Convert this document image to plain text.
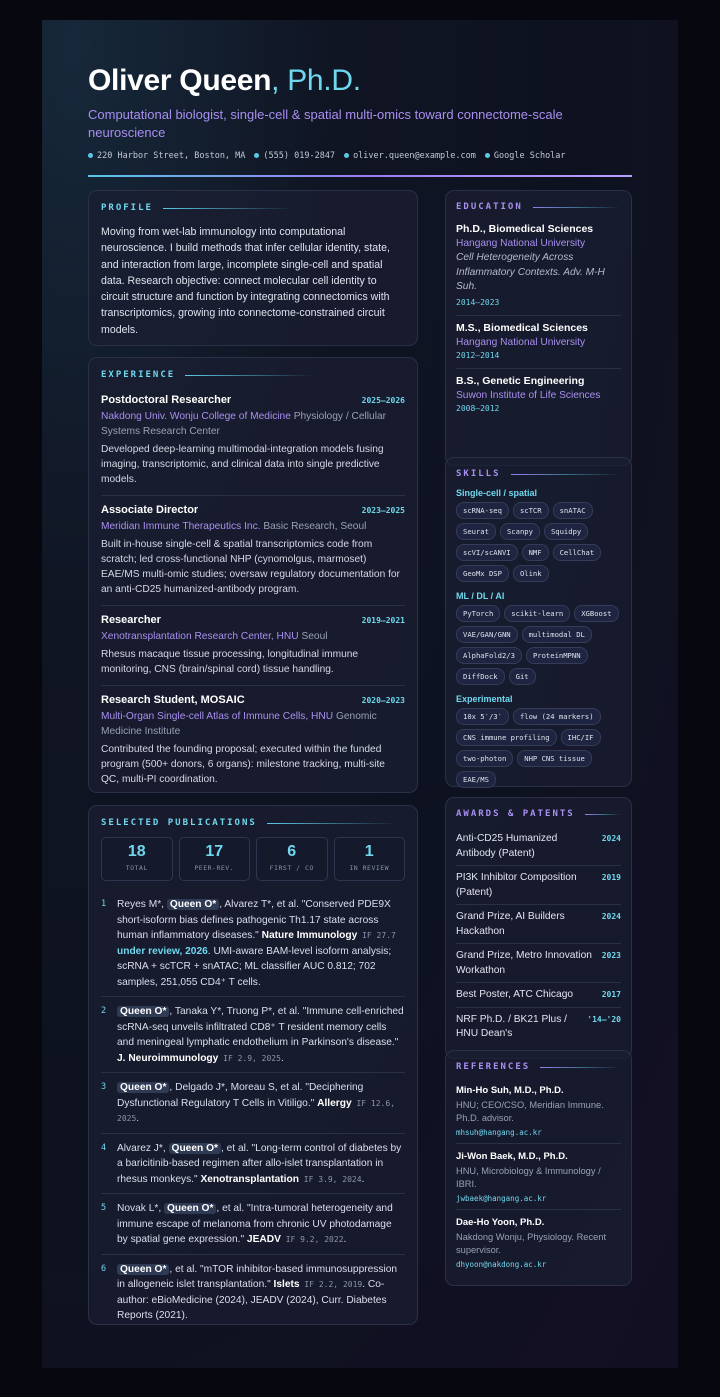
Oliver Queen, Ph.D.
Computational biologist, single-cell & spatial multi-omics toward connectome-scale neuroscience
220 Harbor Street, Boston, MA	(555) 019-2847	oliver.queen@example.com	Google Scholar
PROFILE
Moving from wet-lab immunology into computational neuroscience. I build methods that infer cellular identity, state, and interaction from large, incomplete single-cell and spatial data. Research objective: connect molecular cell identity to circuit structure and function by integrating connectomics with transcriptomics, growing into connectome-constrained circuit models.
EXPERIENCE
Postdoctoral Researcher	2025–2026
Nakdong Univ. Wonju College of Medicine Physiology / Cellular Systems Research Center
Developed deep-learning multimodal-integration models fusing imaging, transcriptomic, and clinical data into single predictive models.
Associate Director	2023–2025
Meridian Immune Therapeutics Inc. Basic Research, Seoul
Built in-house single-cell & spatial transcriptomics code from scratch; led cross-functional NHP (cynomolgus, marmoset) EAE/MS multi-omic studies; oversaw regulatory documentation for an anti-CD25 humanized-antibody program.
Researcher	2019–2021
Xenotransplantation Research Center, HNU Seoul
Rhesus macaque tissue processing, longitudinal immune monitoring, CNS (brain/spinal cord) tissue handling.
Research Student, MOSAIC	2020–2023
Multi-Organ Single-cell Atlas of Immune Cells, HNU Genomic Medicine Institute
Contributed the founding proposal; executed within the funded program (500+ donors, 6 organs): milestone tracking, multi-site QC, multi-PI coordination.
SELECTED PUBLICATIONS
18
TOTAL
17
PEER-REV.
6
FIRST / CO
1
IN REVIEW
1 Reyes M*, Queen O* , Alvarez T*, et al. "Conserved PDE9X short-isoform bias defines pathogenic Th1.17 state across human inflammatory diseases." Nature Immunology IF 27.7 under review, 2026. UMI-aware BAM-level isoform analysis; scRNA + scTCR + snATAC; ML classifier AUC 0.812; 702 samples, 251,055 CD4⁺ T cells.
2 Queen O* , Tanaka Y*, Truong P*, et al. "Immune cell-enriched scRNA-seq unveils infiltrated CD8⁺ T resident memory cells and meningeal lymphatic endothelium in Parkinson's disease." J. Neuroimmunology IF 2.9, 2025.
3 Queen O* , Delgado J*, Moreau S, et al. "Deciphering Dysfunctional Regulatory T Cells in Vitiligo." Allergy IF 12.6, 2025.
4 Alvarez J*, Queen O* , et al. "Long-term control of diabetes by a baricitinib-based regimen after allo-islet transplantation in rhesus monkeys." Xenotransplantation IF 3.9, 2024.
5 Novak L*, Queen O* , et al. "Intra-tumoral heterogeneity and immune escape of melanoma from chronic UV photodamage by spatial gene expression." JEADV IF 9.2, 2022.
6 Queen O* , et al. "mTOR inhibitor-based immunosuppression in allogeneic islet transplantation." Islets IF 2.2, 2019. Co-author: eBioMedicine (2024), JEADV (2024), Curr. Diabetes Reports (2021).
EDUCATION
Ph.D., Biomedical Sciences
Hangang National University
Cell Heterogeneity Across Inflammatory Contexts. Adv. M-H Suh.
2014–2023
M.S., Biomedical Sciences
Hangang National University
2012–2014
B.S., Genetic Engineering
Suwon Institute of Life Sciences
2008–2012
SKILLS
Single-cell / spatial
scRNA-seq	scTCR	snATAC
Seurat	Scanpy	Squidpy
scVI/scANVI	NMF	CellChat
GeoMx DSP	Olink
ML / DL / AI
PyTorch	scikit-learn	XGBoost
VAE/GAN/GNN	multimodal DL
AlphaFold2/3	ProteinMPNN
DiffDock	Git
Experimental
10x 5′/3′	flow (24 markers)
CNS immune profiling	IHC/IF
two-photon	NHP CNS tissue
EAE/MS
AWARDS & PATENTS
Anti-CD25 Humanized Antibody (Patent)
2024
PI3K Inhibitor Composition (Patent)
2019
Grand Prize, AI Builders Hackathon
2024
Grand Prize, Metro Innovation Workathon
2023
Best Poster, ATC Chicago	2017
NRF Ph.D. / BK21 Plus / HNU Dean's
'14–'20
REFERENCES
Min-Ho Suh, M.D., Ph.D.
HNU; CEO/CSO, Meridian Immune. Ph.D. advisor.
mhsuh@hangang.ac.kr
Ji-Won Baek, M.D., Ph.D.
HNU, Microbiology & Immunology / IBRI.
jwbaek@hangang.ac.kr
Dae-Ho Yoon, Ph.D.
Nakdong Wonju, Physiology. Recent supervisor.
dhyoon@nakdong.ac.kr
